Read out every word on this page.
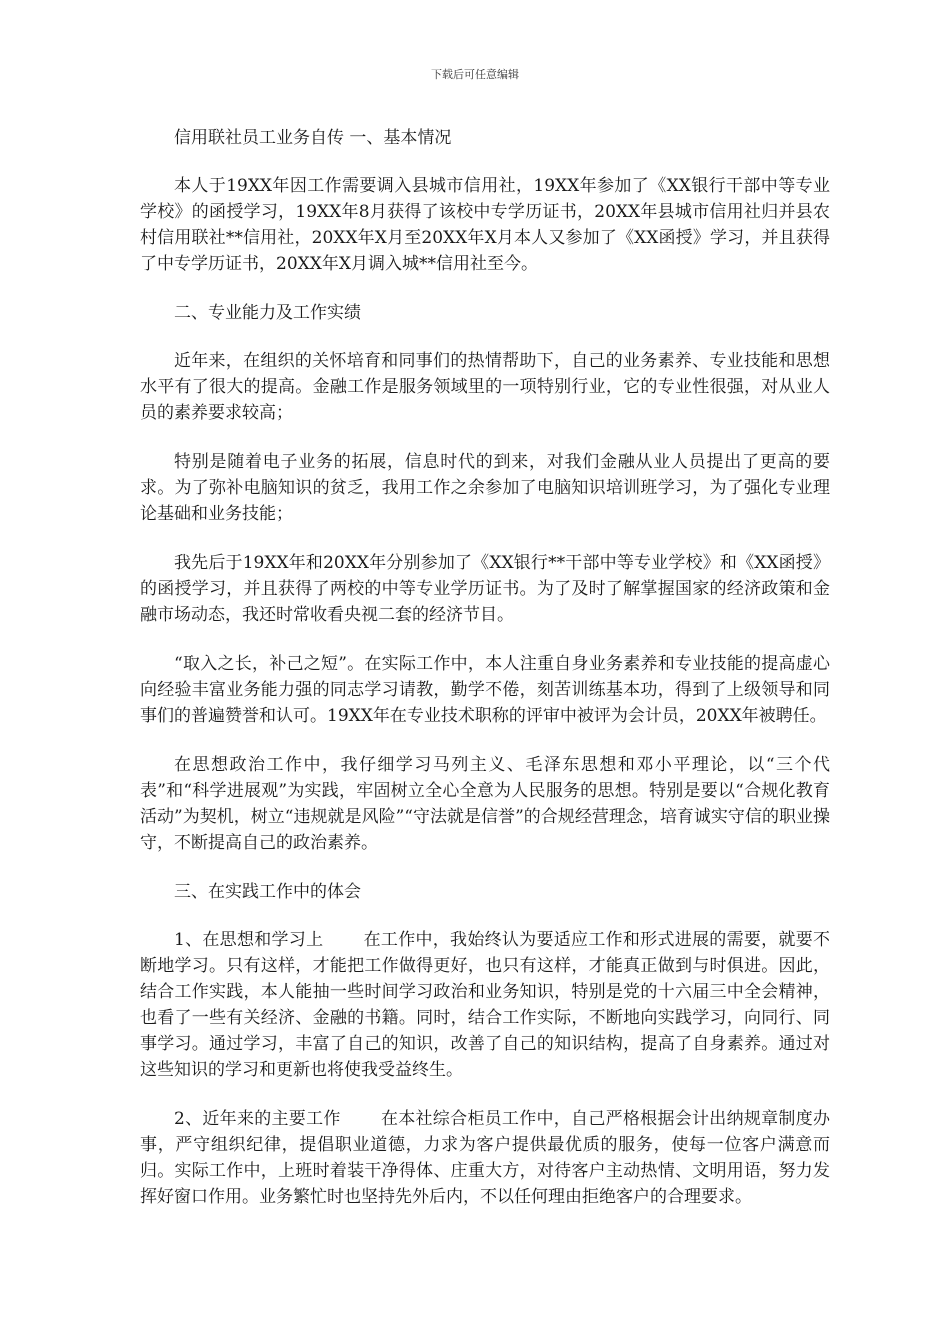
下载后可任意编辑

信用联社员工业务自传 一、基本情况

本人于19XX年因工作需要调入县城市信用社，19XX年参加了《XX银行干部中等专业学校》的函授学习，19XX年8月获得了该校中专学历证书，20XX年县城市信用社归并县农村信用联社**信用社，20XX年X月至20XX年X月本人又参加了《XX函授》学习，并且获得了中专学历证书，20XX年X月调入城**信用社至今。

二、专业能力及工作实绩

近年来，在组织的关怀培育和同事们的热情帮助下，自己的业务素养、专业技能和思想水平有了很大的提高。金融工作是服务领域里的一项特别行业，它的专业性很强，对从业人员的素养要求较高；

特别是随着电子业务的拓展，信息时代的到来，对我们金融从业人员提出了更高的要求。为了弥补电脑知识的贫乏，我用工作之余参加了电脑知识培训班学习，为了强化专业理论基础和业务技能；

我先后于19XX年和20XX年分别参加了《XX银行**干部中等专业学校》和《XX函授》的函授学习，并且获得了两校的中等专业学历证书。为了及时了解掌握国家的经济政策和金融市场动态，我还时常收看央视二套的经济节目。

“取入之长，补己之短”。在实际工作中，本人注重自身业务素养和专业技能的提高虚心向经验丰富业务能力强的同志学习请教，勤学不倦，刻苦训练基本功，得到了上级领导和同事们的普遍赞誉和认可。19XX年在专业技术职称的评审中被评为会计员，20XX年被聘任。

在思想政治工作中，我仔细学习马列主义、毛泽东思想和邓小平理论，以“三个代表”和“科学进展观”为实践，牢固树立全心全意为人民服务的思想。特别是要以“合规化教育活动”为契机，树立“违规就是风险”“守法就是信誉”的合规经营理念，培育诚实守信的职业操守，不断提高自己的政治素养。

三、在实践工作中的体会

1、在思想和学习上 在工作中，我始终认为要适应工作和形式进展的需要，就要不断地学习。只有这样，才能把工作做得更好，也只有这样，才能真正做到与时俱进。因此，结合工作实践，本人能抽一些时间学习政治和业务知识，特别是党的十六届三中全会精神，也看了一些有关经济、金融的书籍。同时，结合工作实际，不断地向实践学习，向同行、同事学习。通过学习，丰富了自己的知识，改善了自己的知识结构，提高了自身素养。通过对这些知识的学习和更新也将使我受益终生。

2、近年来的主要工作 在本社综合柜员工作中，自己严格根据会计出纳规章制度办事，严守组织纪律，提倡职业道德，力求为客户提供最优质的服务，使每一位客户满意而归。实际工作中，上班时着装干净得体、庄重大方，对待客户主动热情、文明用语，努力发挥好窗口作用。业务繁忙时也坚持先外后内，不以任何理由拒绝客户的合理要求。
